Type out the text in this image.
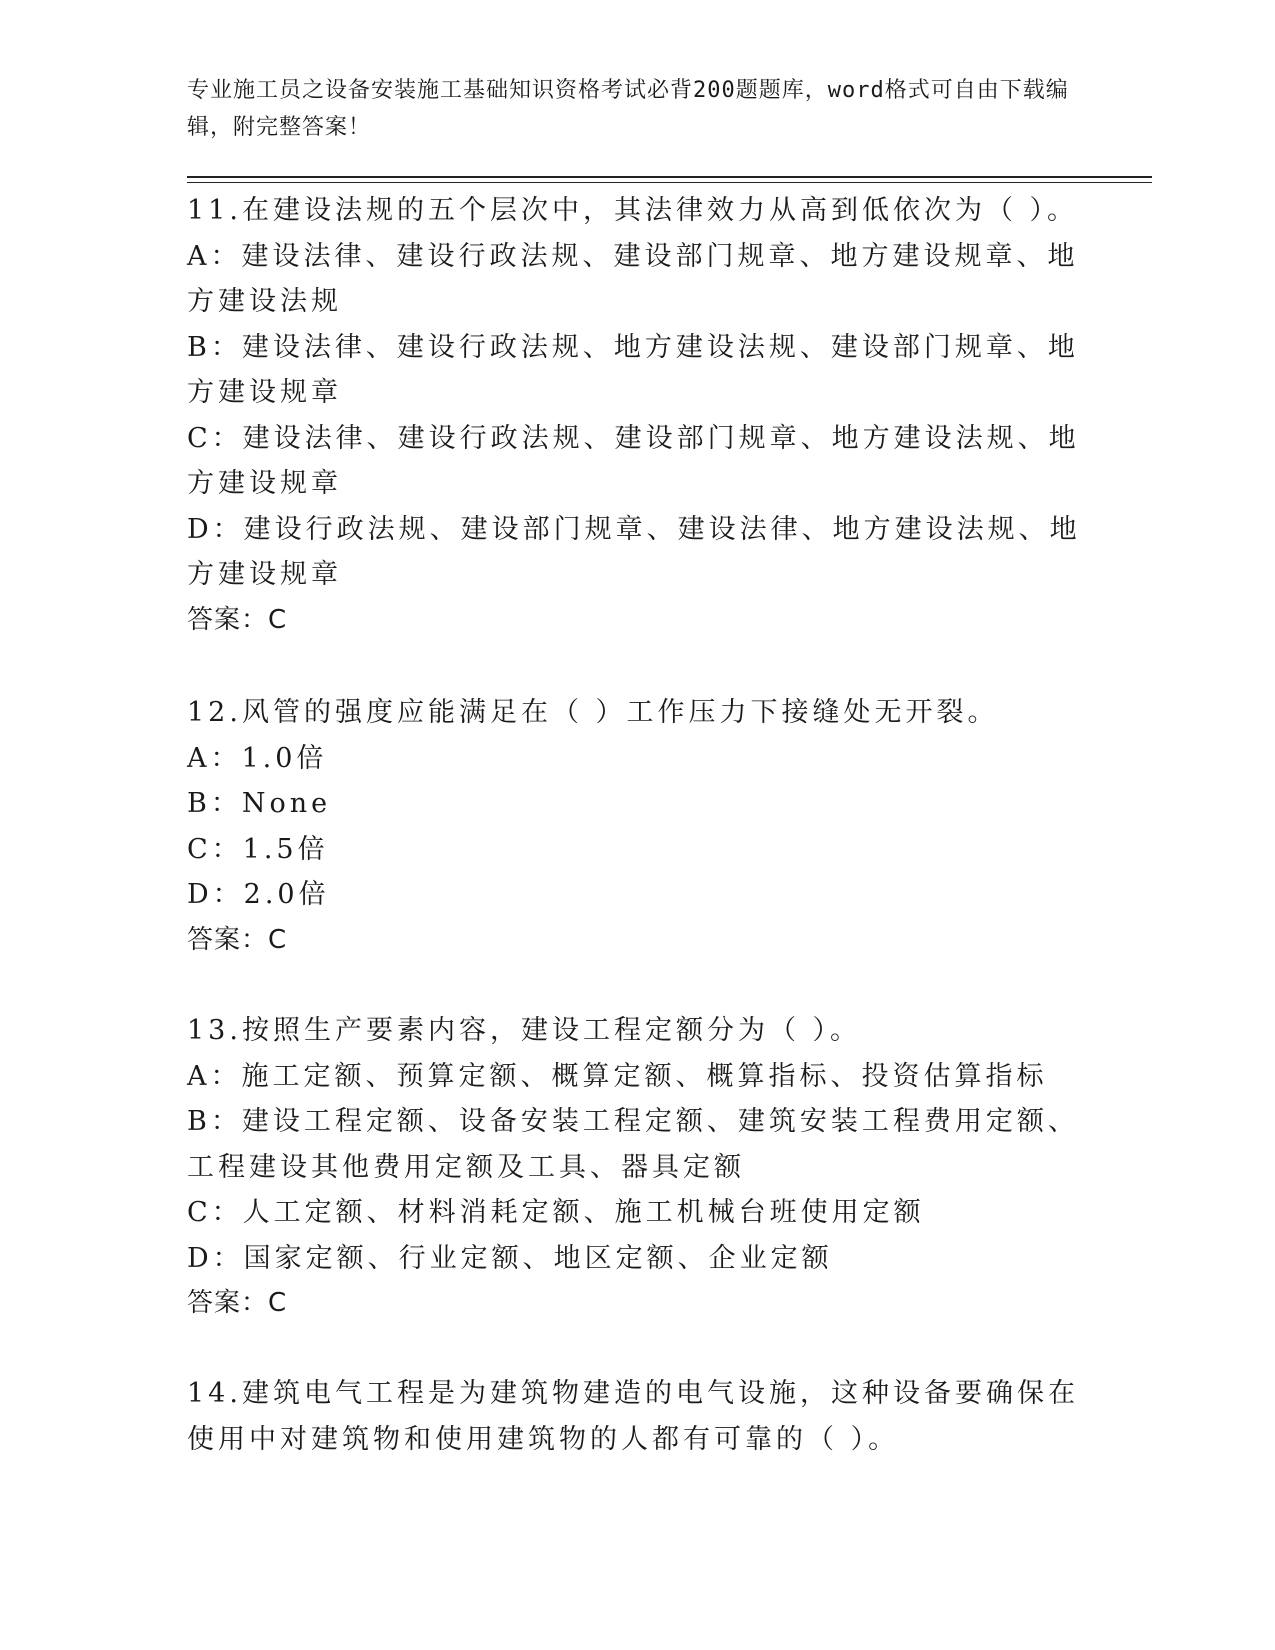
专业施工员之设备安装施工基础知识资格考试必背200题题库，word格式可自由下载编辑，附完整答案！
11.在建设法规的五个层次中，其法律效力从高到低依次为（ ）。
A：建设法律、建设行政法规、建设部门规章、地方建设规章、地方建设法规
B：建设法律、建设行政法规、地方建设法规、建设部门规章、地方建设规章
C：建设法律、建设行政法规、建设部门规章、地方建设法规、地方建设规章
D：建设行政法规、建设部门规章、建设法律、地方建设法规、地方建设规章
答案：C
12.风管的强度应能满足在（ ）工作压力下接缝处无开裂。
A：1.0倍
B：None
C：1.5倍
D：2.0倍
答案：C
13.按照生产要素内容，建设工程定额分为（ ）。
A：施工定额、预算定额、概算定额、概算指标、投资估算指标
B：建设工程定额、设备安装工程定额、建筑安装工程费用定额、工程建设其他费用定额及工具、器具定额
C：人工定额、材料消耗定额、施工机械台班使用定额
D：国家定额、行业定额、地区定额、企业定额
答案：C
14.建筑电气工程是为建筑物建造的电气设施，这种设备要确保在使用中对建筑物和使用建筑物的人都有可靠的（ ）。
